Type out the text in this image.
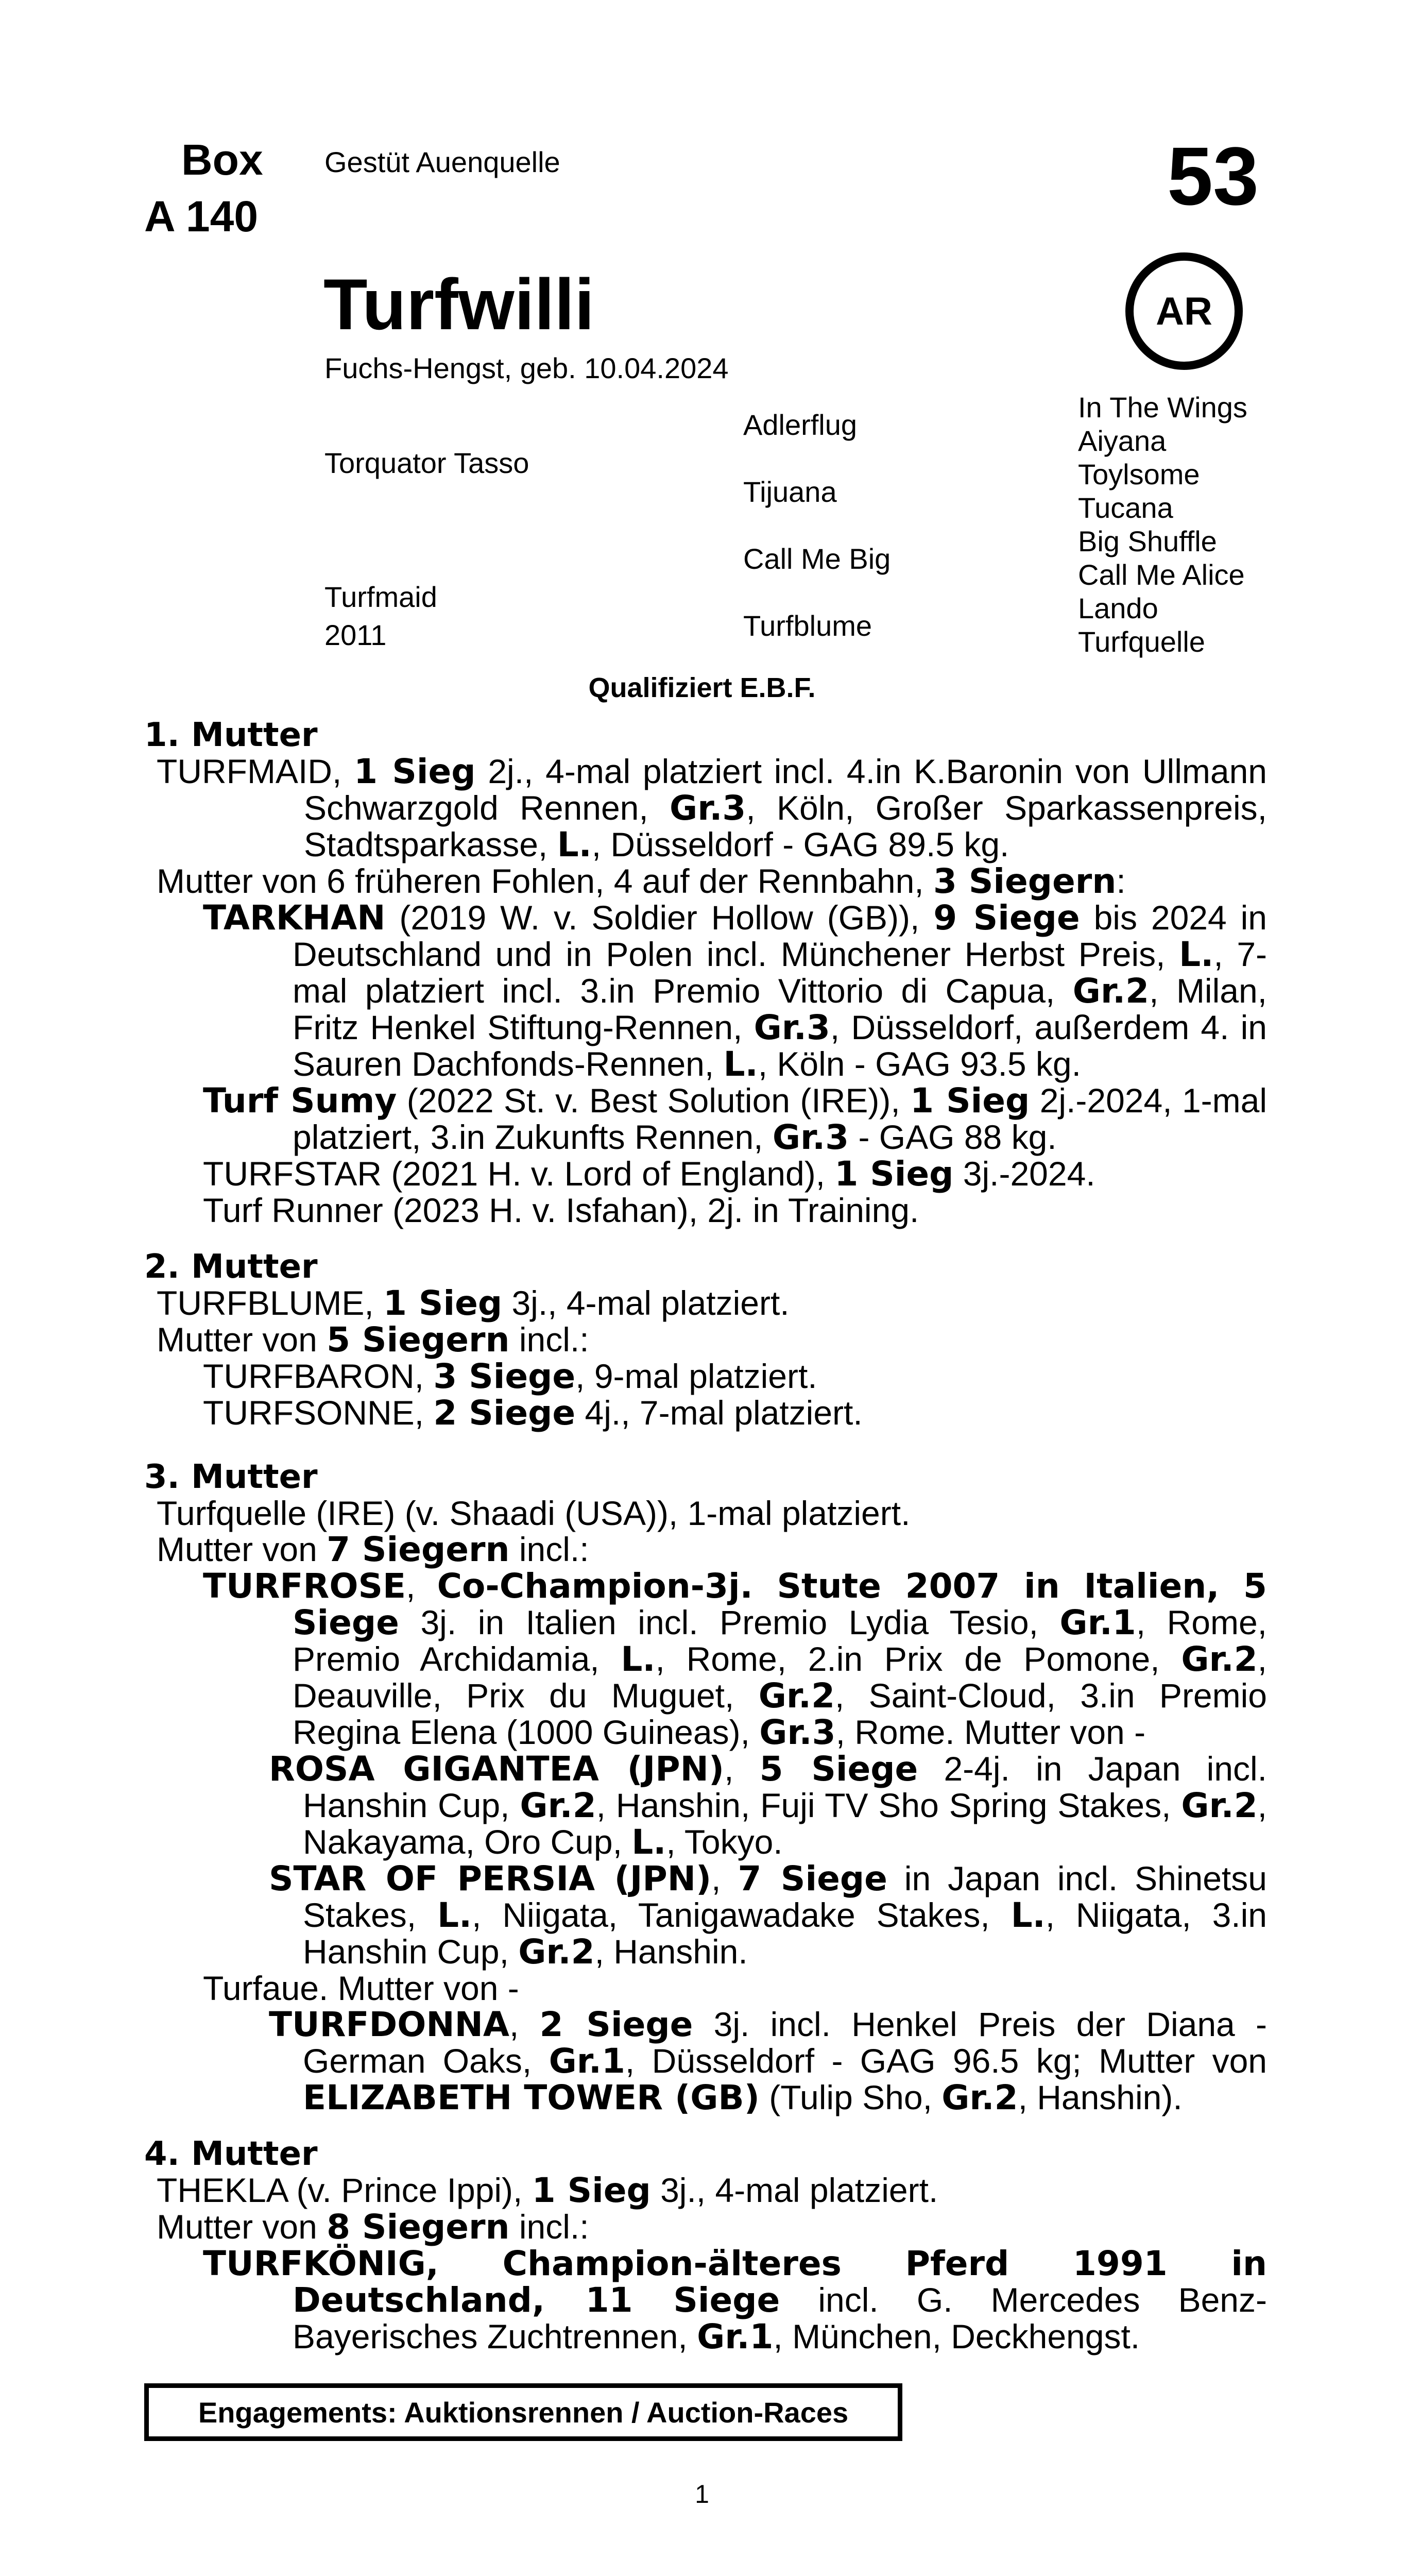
Box
A 140
Gestüt Auenquelle	53
AR
Turfwilli
Fuchs-Hengst, geb. 10.04.2024
Torquator Tasso
Turfmaid
2011
Adlerflug
Tijuana
Call Me Big
Turfblume
In The Wings
Aiyana
Toylsome
Tucana
Big Shuffle
Call Me Alice
Lando
Turfquelle
Qualifiziert E.B.F.
1. Mutter
TURFMAID, 1 Sieg 2j., 4-mal platziert incl. 4.in K.Baronin von Ullmann Schwarzgold Rennen, Gr.3, Köln, Großer Sparkassenpreis, Stadtsparkasse, L., Düsseldorf - GAG 89.5 kg.
Mutter von 6 früheren Fohlen, 4 auf der Rennbahn, 3 Siegern:
TARKHAN (2019 W. v. Soldier Hollow (GB)), 9 Siege bis 2024 in Deutschland und in Polen incl. Münchener Herbst Preis, L., 7-mal platziert incl. 3.in Premio Vittorio di Capua, Gr.2, Milan, Fritz Henkel Stiftung-Rennen, Gr.3, Düsseldorf, außerdem 4. in Sauren Dachfonds-Rennen, L., Köln - GAG 93.5 kg.
Turf Sumy (2022 St. v. Best Solution (IRE)), 1 Sieg 2j.-2024, 1-mal platziert, 3.in Zukunfts Rennen, Gr.3 - GAG 88 kg.
TURFSTAR (2021 H. v. Lord of England), 1 Sieg 3j.-2024.
Turf Runner (2023 H. v. Isfahan), 2j. in Training.
2. Mutter
TURFBLUME, 1 Sieg 3j., 4-mal platziert.
Mutter von 5 Siegern incl.:
TURFBARON, 3 Siege, 9-mal platziert.
TURFSONNE, 2 Siege 4j., 7-mal platziert.
3. Mutter
Turfquelle (IRE) (v. Shaadi (USA)), 1-mal platziert.
Mutter von 7 Siegern incl.:
TURFROSE, Co-Champion-3j. Stute 2007 in Italien, 5 Siege 3j. in Italien incl. Premio Lydia Tesio, Gr.1, Rome, Premio Archidamia, L., Rome, 2.in Prix de Pomone, Gr.2, Deauville, Prix du Muguet, Gr.2, Saint-Cloud, 3.in Premio Regina Elena (1000 Guineas), Gr.3, Rome. Mutter von -
ROSA GIGANTEA (JPN), 5 Siege 2-4j. in Japan incl. Hanshin Cup, Gr.2, Hanshin, Fuji TV Sho Spring Stakes, Gr.2, Nakayama, Oro Cup, L., Tokyo.
STAR OF PERSIA (JPN), 7 Siege in Japan incl. Shinetsu Stakes, L., Niigata, Tanigawadake Stakes, L., Niigata, 3.in Hanshin Cup, Gr.2, Hanshin.
Turfaue. Mutter von -
TURFDONNA, 2 Siege 3j. incl. Henkel Preis der Diana - German Oaks, Gr.1, Düsseldorf - GAG 96.5 kg; Mutter von ELIZABETH TOWER (GB) (Tulip Sho, Gr.2, Hanshin).
4. Mutter
THEKLA (v. Prince Ippi), 1 Sieg 3j., 4-mal platziert.
Mutter von 8 Siegern incl.:
TURFKÖNIG, Champion-älteres Pferd 1991 in Deutschland, 11 Siege incl. G. Mercedes Benz-Bayerisches Zuchtrennen, Gr.1, München, Deckhengst.
Engagements: Auktionsrennen / Auction-Races
1
